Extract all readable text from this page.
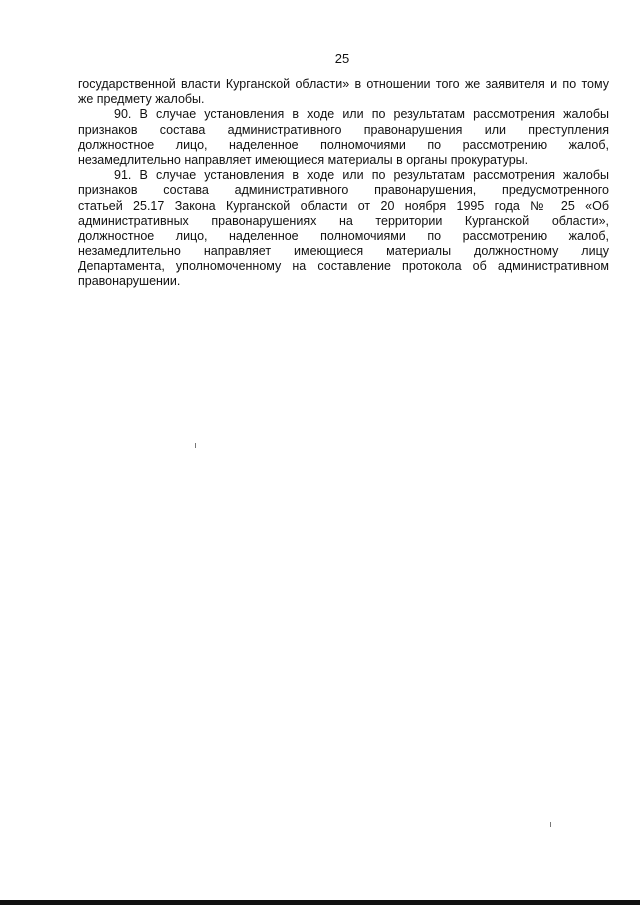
25
государственной власти Курганской области» в отношении того же заявителя и по тому
же предмету жалобы.
90. В случае установления в ходе или по результатам рассмотрения жалобы
признаков состава административного правонарушения или преступления
должностное лицо, наделенное полномочиями по рассмотрению жалоб,
незамедлительно направляет имеющиеся материалы в органы прокуратуры.
91. В случае установления в ходе или по результатам рассмотрения жалобы
признаков состава административного правонарушения, предусмотренного
статьей 25.17 Закона Курганской области от 20 ноября 1995 года № 25 «Об
административных правонарушениях на территории Курганской области»,
должностное лицо, наделенное полномочиями по рассмотрению жалоб,
незамедлительно направляет имеющиеся материалы должностному лицу
Департамента, уполномоченному на составление протокола об административном
правонарушении.
